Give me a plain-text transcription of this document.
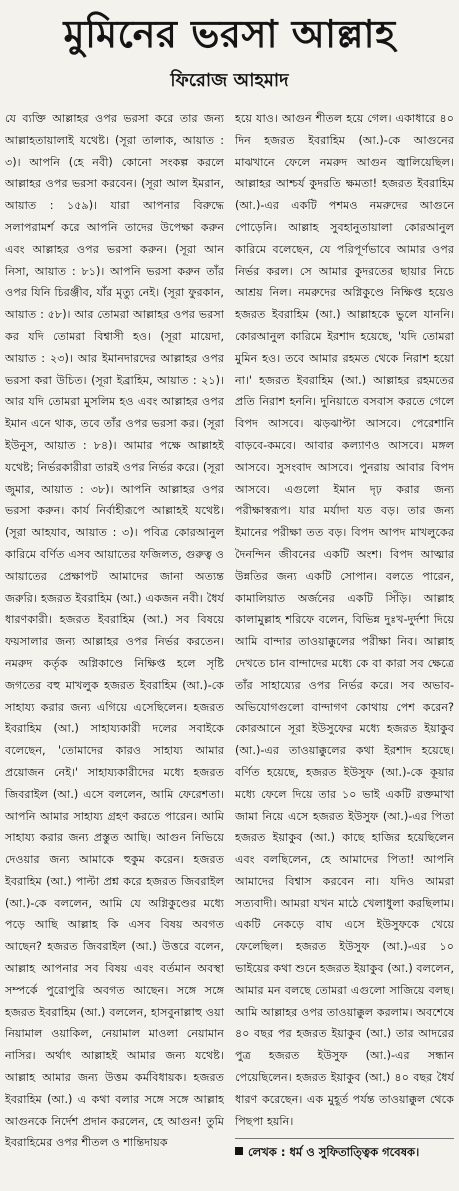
মুমিনের ভরসা আল্লাহ
ফিরোজ আহমাদ

যে ব্যক্তি আল্লাহর ওপর ভরসা করে তার জন্য আল্লাহতায়ালাই যথেষ্ট। (সূরা তালাক, আয়াত : ৩)। আপনি (হে নবী) কোনো সংকল্প করলে আল্লাহর ওপর ভরসা করবেন। (সূরা আল ইমরান, আয়াত : ১৫৯)। যারা আপনার বিরুদ্ধে সলাপরামর্শ করে আপনি তাদের উপেক্ষা করুন এবং আল্লাহর ওপর ভরসা করুন। (সূরা আন নিসা, আয়াত : ৮১)। আপনি ভরসা করুন তাঁর ওপর যিনি চিরঞ্জীব, যাঁর মৃত্যু নেই। (সূরা ফুরকান, আয়াত : ৫৮)। আর তোমরা আল্লাহর ওপর ভরসা কর যদি তোমরা বিশ্বাসী হও। (সূরা মায়েদা, আয়াত : ২৩)। আর ইমানদারদের আল্লাহর ওপর ভরসা করা উচিত। (সূরা ইব্রাহিম, আয়াত : ২১)। আর যদি তোমরা মুসলিম হও এবং আল্লাহর ওপর ইমান এনে থাক, তবে তাঁর ওপর ভরসা কর। (সূরা ইউনুস, আয়াত : ৮৪)। আমার পক্ষে আল্লাহই যথেষ্ট; নির্ভরকারীরা তারই ওপর নির্ভর করে। (সূরা জুমার, আয়াত : ৩৮)। আপনি আল্লাহর ওপর ভরসা করুন। কার্য নির্বাহীরূপে আল্লাহই যথেষ্ট। (সূরা আহযাব, আয়াত : ৩)। পবিত্র কোরআনুল কারিমে বর্ণিত এসব আয়াতের ফজিলত, গুরুত্ব ও আয়াতের প্রেক্ষাপট আমাদের জানা অত্যন্ত জরুরি। হজরত ইবরাহিম (আ.) একজন নবী। ধৈর্য ধারণকারী। হজরত ইবরাহিম (আ.) সব বিষয়ে ফয়সালার জন্য আল্লাহর ওপর নির্ভর করতেন। নমরুদ কর্তৃক অগ্নিকাণ্ডে নিক্ষিপ্ত হলে সৃষ্টি জগতের বহু মাখলুক হজরত ইবরাহিম (আ.)-কে সাহায্য করার জন্য এগিয়ে এসেছিলেন। হজরত ইবরাহিম (আ.) সাহায্যকারী দলের সবাইকে বলেছেন, 'তোমাদের কারও সাহায্য আমার প্রয়োজন নেই।' সাহায্যকারীদের মধ্যে হজরত জিবরাইল (আ.) এসে বললেন, আমি ফেরেশতা। আপনি আমার সাহায্য গ্রহণ করতে পারেন। আমি সাহায্য করার জন্য প্রস্তুত আছি। আগুন নিভিয়ে দেওয়ার জন্য আমাকে হুকুম করেন। হজরত ইবরাহিম (আ.) পাল্টা প্রশ্ন করে হজরত জিবরাইল (আ.)-কে বললেন, আমি যে অগ্নিকুণ্ডের মধ্যে পড়ে আছি আল্লাহ কি এসব বিষয় অবগত আছেন? হজরত জিবরাইল (আ.) উত্তরে বলেন, আল্লাহ আপনার সব বিষয় এবং বর্তমান অবস্থা সম্পর্কে পুরোপুরি অবগত আছেন। সঙ্গে সঙ্গে হজরত ইবরাহিম (আ.) বললেন, হাসবুনাল্লাহু ওয়া নিয়ামাল ওয়াকিল, নেয়ামাল মাওলা নেয়ামান নাসির। অর্থাৎ আল্লাহই আমার জন্য যথেষ্ট। আল্লাহ আমার জন্য উত্তম কর্মবিধায়ক। হজরত ইবরাহিম (আ.) এ কথা বলার সঙ্গে সঙ্গে আল্লাহ আগুনকে নির্দেশ প্রদান করলেন, হে আগুন! তুমি ইবরাহিমের ওপর শীতল ও শান্তিদায়ক

হয়ে যাও। আগুন শীতল হয়ে গেল। একাধারে ৪০ দিন হজরত ইবরাহিম (আ.)-কে আগুনের মাঝখানে ফেলে নমরুদ আগুন জ্বালিয়েছিল। আল্লাহর আশ্চর্য কুদরতি ক্ষমতা! হজরত ইবরাহিম (আ.)-এর একটি পশমও নমরুদের আগুনে পোড়েনি। আল্লাহ সুবহানুতায়ালা কোরআনুল কারিমে বলেছেন, যে পরিপূর্ণভাবে আমার ওপর নির্ভর করল। সে আমার কুদরতের ছায়ার নিচে আশ্রয় নিল। নমরুদের অগ্নিকুণ্ডে নিক্ষিপ্ত হয়েও হজরত ইবরাহিম (আ.) আল্লাহকে ভুলে যাননি। কোরআনুল কারিমে ইরশাদ হয়েছে, 'যদি তোমরা মুমিন হও। তবে আমার রহমত থেকে নিরাশ হয়ো না।' হজরত ইবরাহিম (আ.) আল্লাহর রহমতের প্রতি নিরাশ হননি। দুনিয়াতে বসবাস করতে গেলে বিপদ আসবে। ঝড়ঝাপ্টা আসবে। পেরেশানি বাড়বে-কমবে। আবার কল্যাণও আসবে। মঙ্গল আসবে। সুসংবাদ আসবে। পুনরায় আবার বিপদ আসবে। এগুলো ইমান দৃঢ় করার জন্য পরীক্ষাস্বরূপ। যার মর্যাদা যত বড়। তার জন্য ইমানের পরীক্ষা তত বড়। বিপদ আপদ মাখলুকের দৈনন্দিন জীবনের একটি অংশ। বিপদ আত্মার উন্নতির জন্য একটি সোপান। বলতে পারেন, কামালিয়াত অর্জনের একটি সিঁড়ি। আল্লাহ কালামুল্লাহ শরিফে বলেন, বিভিন্ন দুঃখ-দুর্দশা দিয়ে আমি বান্দার তাওয়াক্কুলের পরীক্ষা নিব। আল্লাহ দেখতে চান বান্দাদের মধ্যে কে বা কারা সব ক্ষেত্রে তাঁর সাহায্যের ওপর নির্ভর করে। সব অভাব-অভিযোগগুলো বান্দাগণ কোথায় পেশ করেন? কোরআনে সূরা ইউসুফের মধ্যে হজরত ইয়াকুব (আ.)-এর তাওয়াক্কুলের কথা ইরশাদ হয়েছে। বর্ণিত হয়েছে, হজরত ইউসুফ (আ.)-কে কূয়ার মধ্যে ফেলে দিয়ে তার ১০ ভাই একটি রক্তমাখা জামা নিয়ে এসে হজরত ইউসুফ (আ.)-এর পিতা হজরত ইয়াকুব (আ.) কাছে হাজির হয়েছিলেন এবং বলছিলেন, হে আমাদের পিতা! আপনি আমাদের বিশ্বাস করবেন না। যদিও আমরা সত্যবাদী। আমরা যখন মাঠে খেলাধুলা করছিলাম। একটি নেকড়ে বাঘ এসে ইউসুফকে খেয়ে ফেলেছিল। হজরত ইউসুফ (আ.)-এর ১০ ভাইয়ের কথা শুনে হজরত ইয়াকুব (আ.) বললেন, আমার মন বলছে তোমরা এগুলো সাজিয়ে বলছ। আমি আল্লাহর ওপর তাওয়াক্কুল করলাম। অবশেষে ৪০ বছর পর হজরত ইয়াকুব (আ.) তার আদরের পুত্র হজরত ইউসুফ (আ.)-এর সন্ধান পেয়েছিলেন। হজরত ইয়াকুব (আ.) ৪০ বছর ধৈর্য ধারণ করেছেন। এক মুহূর্ত পর্যন্ত তাওয়াক্কুল থেকে পিছপা হয়নি।

লেখক : ধর্ম ও সুফিতাত্ত্বিক গবেষক।
